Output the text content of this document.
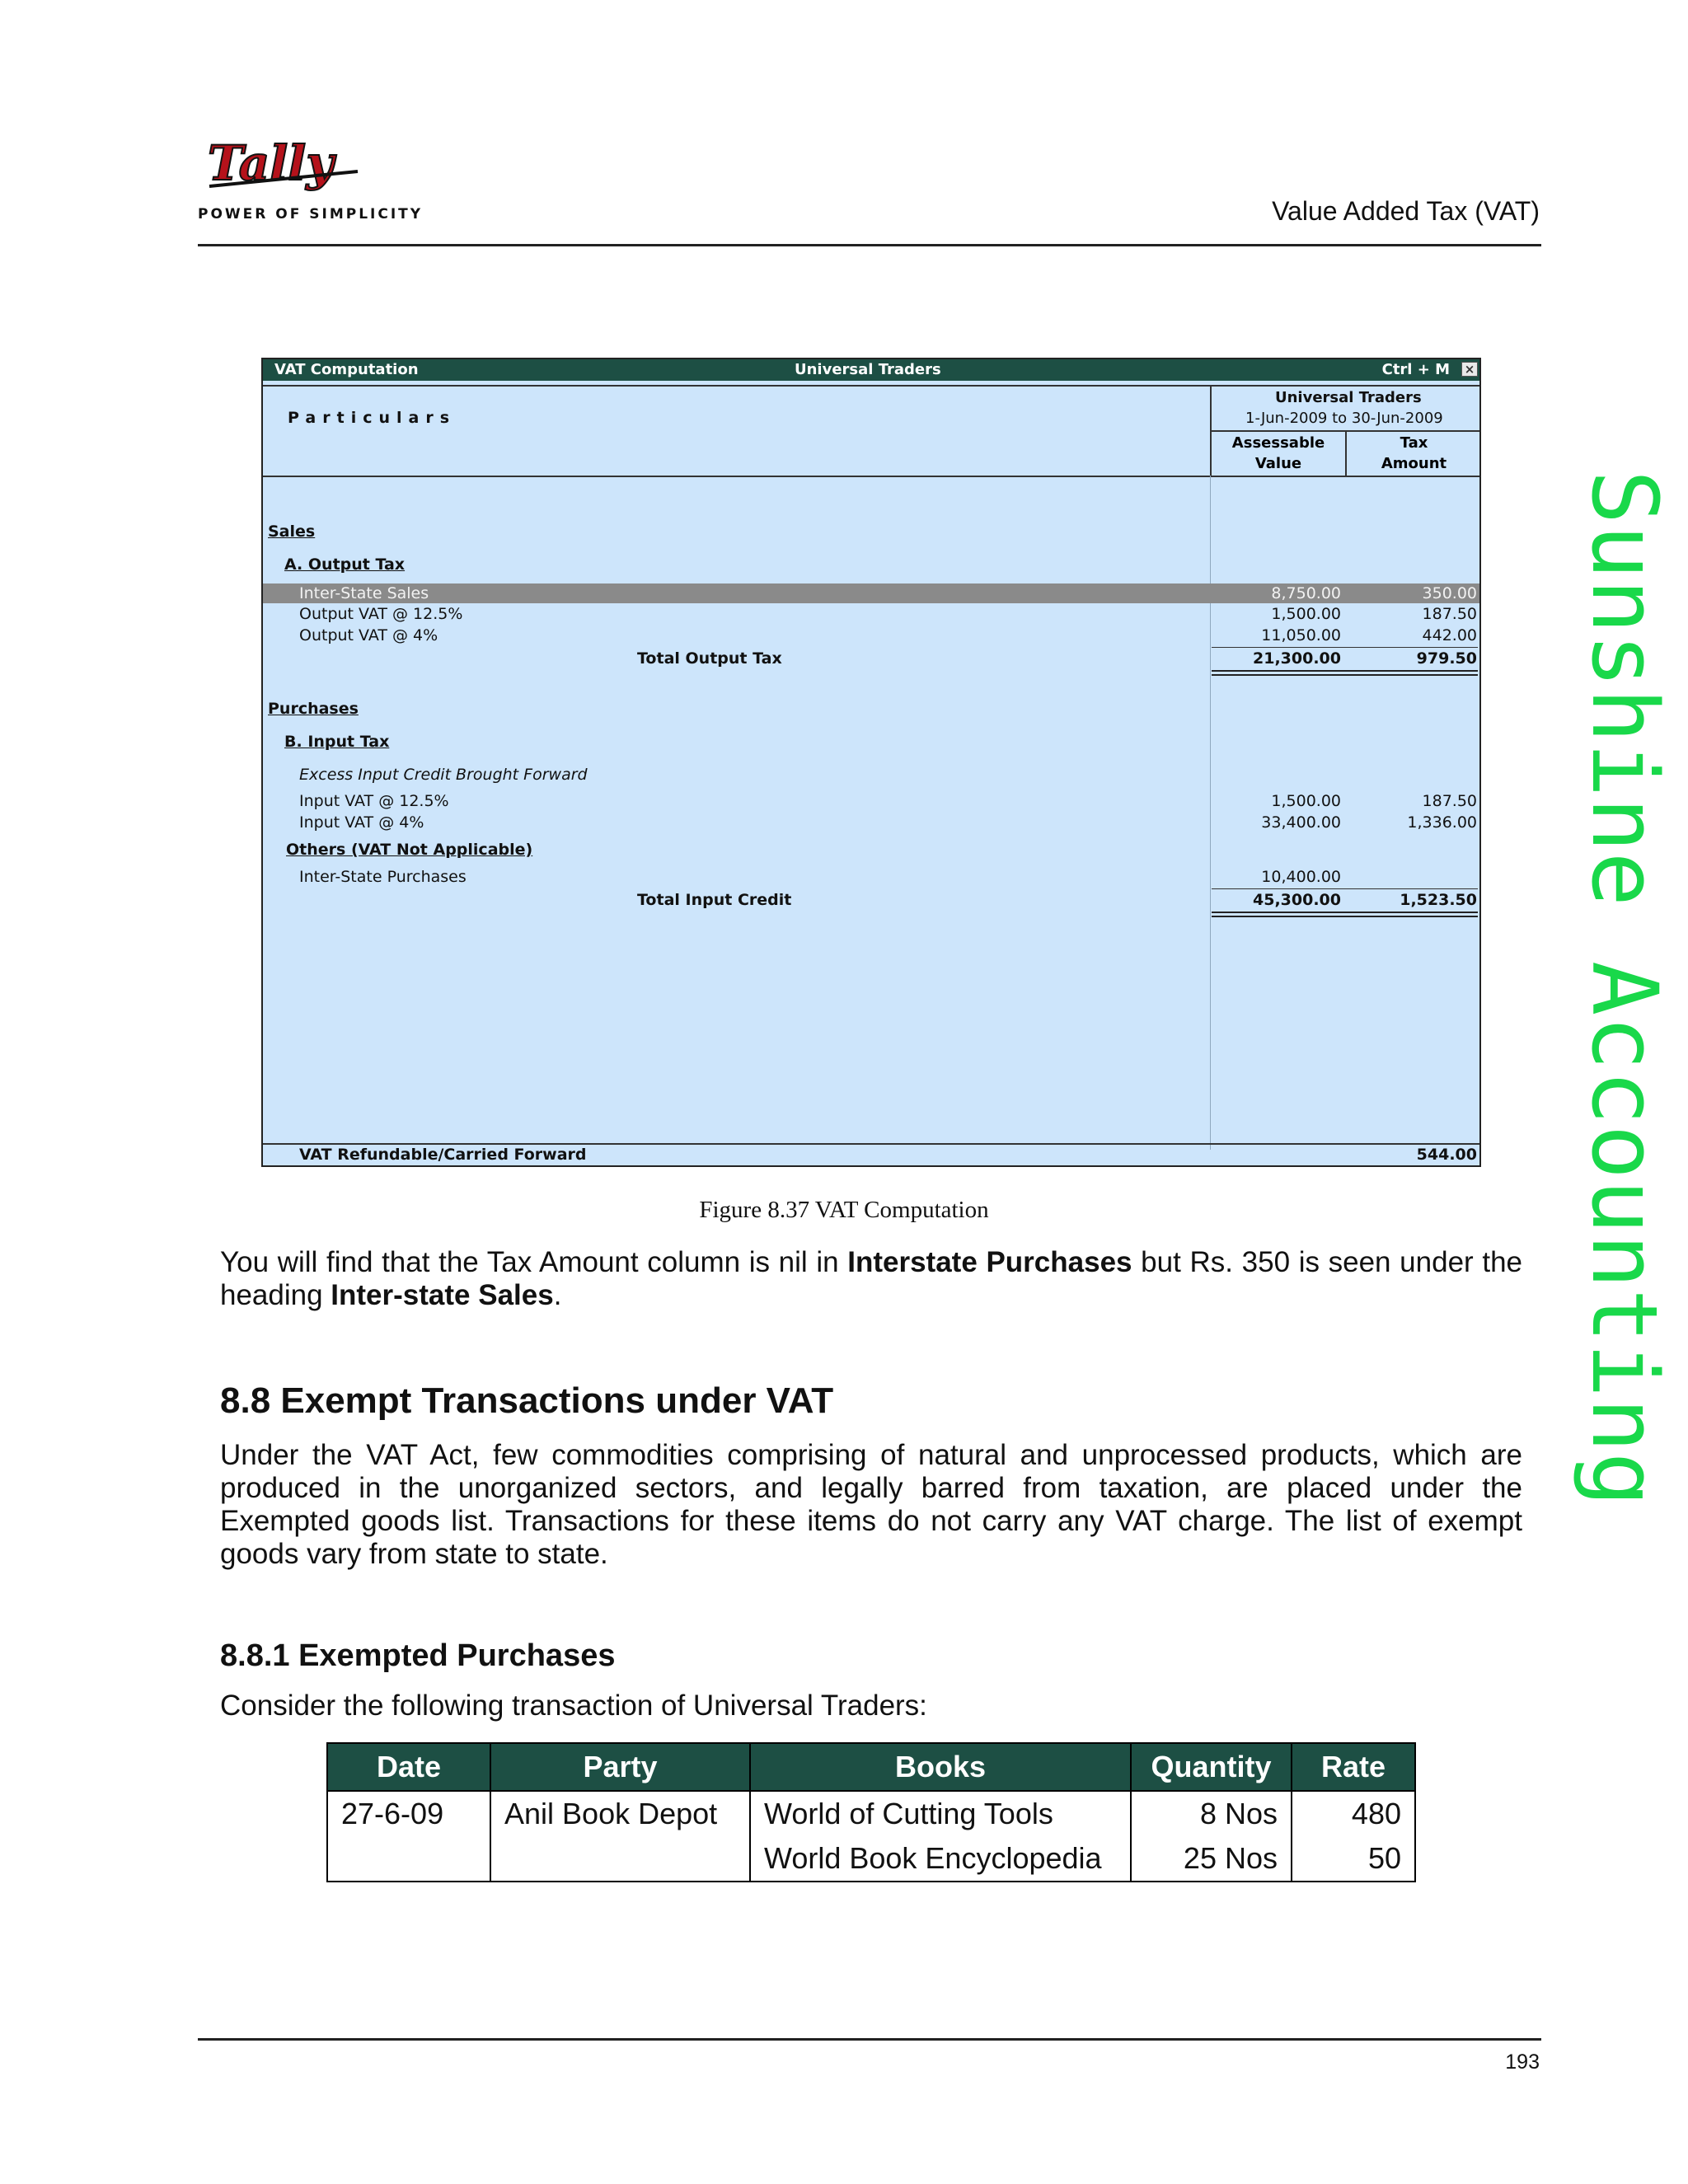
Tally
POWER OF SIMPLICITY	Value Added Tax (VAT)
Sunshine Accounting
VAT Computation	Universal Traders	Ctrl + M ×
Particulars
Universal Traders
1-Jun-2009 to 30-Jun-2009
Assessable
Value
Tax
Amount
Sales
A. Output Tax
Inter-State Sales	8,750.00	350.00
Output VAT @ 12.5%	1,500.00	187.50
Output VAT @ 4%	11,050.00	442.00
Total Output Tax	21,300.00	979.50
Purchases
B. Input Tax
Excess Input Credit Brought Forward
Input VAT @ 12.5%	1,500.00	187.50
Input VAT @ 4%	33,400.00	1,336.00
Others (VAT Not Applicable)
Inter-State Purchases	10,400.00
Total Input Credit	45,300.00	1,523.50
VAT Refundable/Carried Forward	544.00
Figure 8.37 VAT Computation
You will find that the Tax Amount column is nil in Interstate Purchases but Rs. 350 is seen under the heading Inter-state Sales.
8.8 Exempt Transactions under VAT
Under the VAT Act, few commodities comprising of natural and unprocessed products, which are produced in the unorganized sectors, and legally barred from taxation, are placed under the Exempted goods list. Transactions for these items do not carry any VAT charge. The list of exempt goods vary from state to state.
8.8.1 Exempted Purchases
Consider the following transaction of Universal Traders:
Date	Party	Books	Quantity	Rate
27-6-09	Anil Book Depot	World of Cutting Tools	8 Nos	480
		World Book Encyclopedia	25 Nos	50
193
